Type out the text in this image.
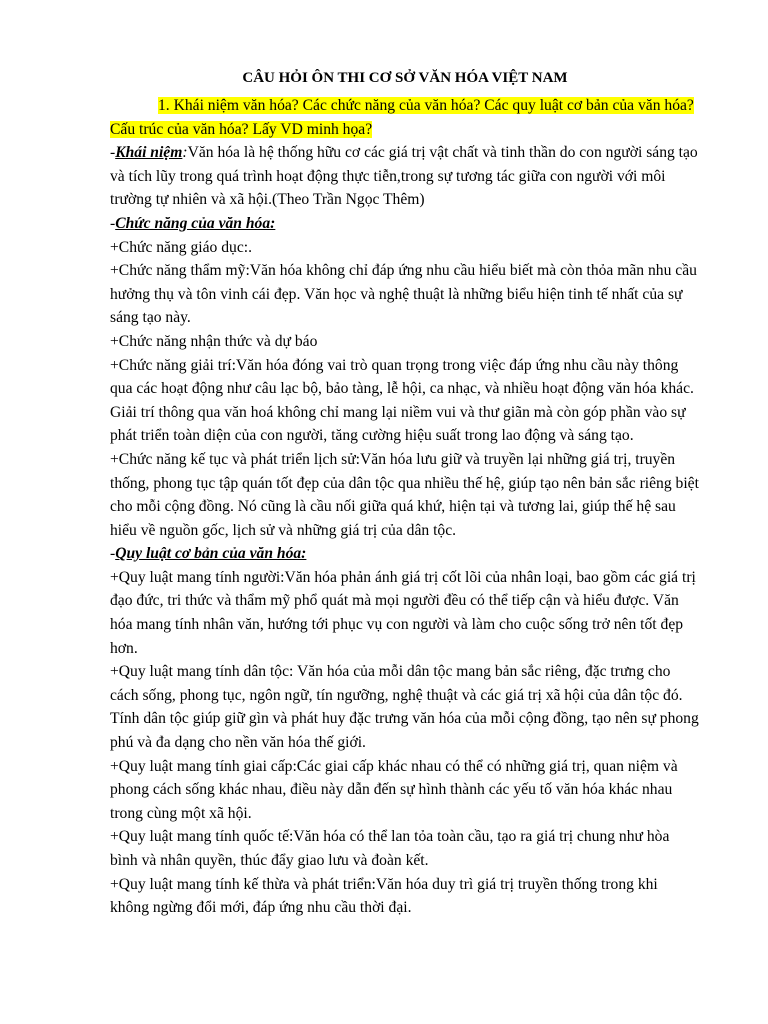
CÂU HỎI ÔN THI CƠ SỞ VĂN HÓA VIỆT NAM

1. Khái niệm văn hóa? Các chức năng của văn hóa? Các quy luật cơ bản của văn hóa? Cấu trúc của văn hóa? Lấy VD minh họa?

-Khái niệm:Văn hóa là hệ thống hữu cơ các giá trị vật chất và tinh thần do con người sáng tạo và tích lũy trong quá trình hoạt động thực tiễn,trong sự tương tác giữa con người với môi trường tự nhiên và xã hội.(Theo Trần Ngọc Thêm)

-Chức năng của văn hóa:

+Chức năng giáo dục:.

+Chức năng thẩm mỹ:Văn hóa không chỉ đáp ứng nhu cầu hiểu biết mà còn thỏa mãn nhu cầu hưởng thụ và tôn vinh cái đẹp. Văn học và nghệ thuật là những biểu hiện tinh tế nhất của sự sáng tạo này.

+Chức năng nhận thức và dự báo

+Chức năng giải trí:Văn hóa đóng vai trò quan trọng trong việc đáp ứng nhu cầu này thông qua các hoạt động như câu lạc bộ, bảo tàng, lễ hội, ca nhạc, và nhiều hoạt động văn hóa khác. Giải trí thông qua văn hoá không chỉ mang lại niềm vui và thư giãn mà còn góp phần vào sự phát triển toàn diện của con người, tăng cường hiệu suất trong lao động và sáng tạo.

+Chức năng kế tục và phát triển lịch sử:Văn hóa lưu giữ và truyền lại những giá trị, truyền thống, phong tục tập quán tốt đẹp của dân tộc qua nhiều thế hệ, giúp tạo nên bản sắc riêng biệt cho mỗi cộng đồng. Nó cũng là cầu nối giữa quá khứ, hiện tại và tương lai, giúp thế hệ sau hiểu về nguồn gốc, lịch sử và những giá trị của dân tộc.

-Quy luật cơ bản của văn hóa:

+Quy luật mang tính người:Văn hóa phản ánh giá trị cốt lõi của nhân loại, bao gồm các giá trị đạo đức, tri thức và thẩm mỹ phổ quát mà mọi người đều có thể tiếp cận và hiểu được. Văn hóa mang tính nhân văn, hướng tới phục vụ con người và làm cho cuộc sống trở nên tốt đẹp hơn.

+Quy luật mang tính dân tộc: Văn hóa của mỗi dân tộc mang bản sắc riêng, đặc trưng cho cách sống, phong tục, ngôn ngữ, tín ngưỡng, nghệ thuật và các giá trị xã hội của dân tộc đó. Tính dân tộc giúp giữ gìn và phát huy đặc trưng văn hóa của mỗi cộng đồng, tạo nên sự phong phú và đa dạng cho nền văn hóa thế giới.

+Quy luật mang tính giai cấp:Các giai cấp khác nhau có thể có những giá trị, quan niệm và phong cách sống khác nhau, điều này dẫn đến sự hình thành các yếu tố văn hóa khác nhau trong cùng một xã hội.

+Quy luật mang tính quốc tế:Văn hóa có thể lan tỏa toàn cầu, tạo ra giá trị chung như hòa bình và nhân quyền, thúc đẩy giao lưu và đoàn kết.

+Quy luật mang tính kế thừa và phát triển:Văn hóa duy trì giá trị truyền thống trong khi không ngừng đổi mới, đáp ứng nhu cầu thời đại.
